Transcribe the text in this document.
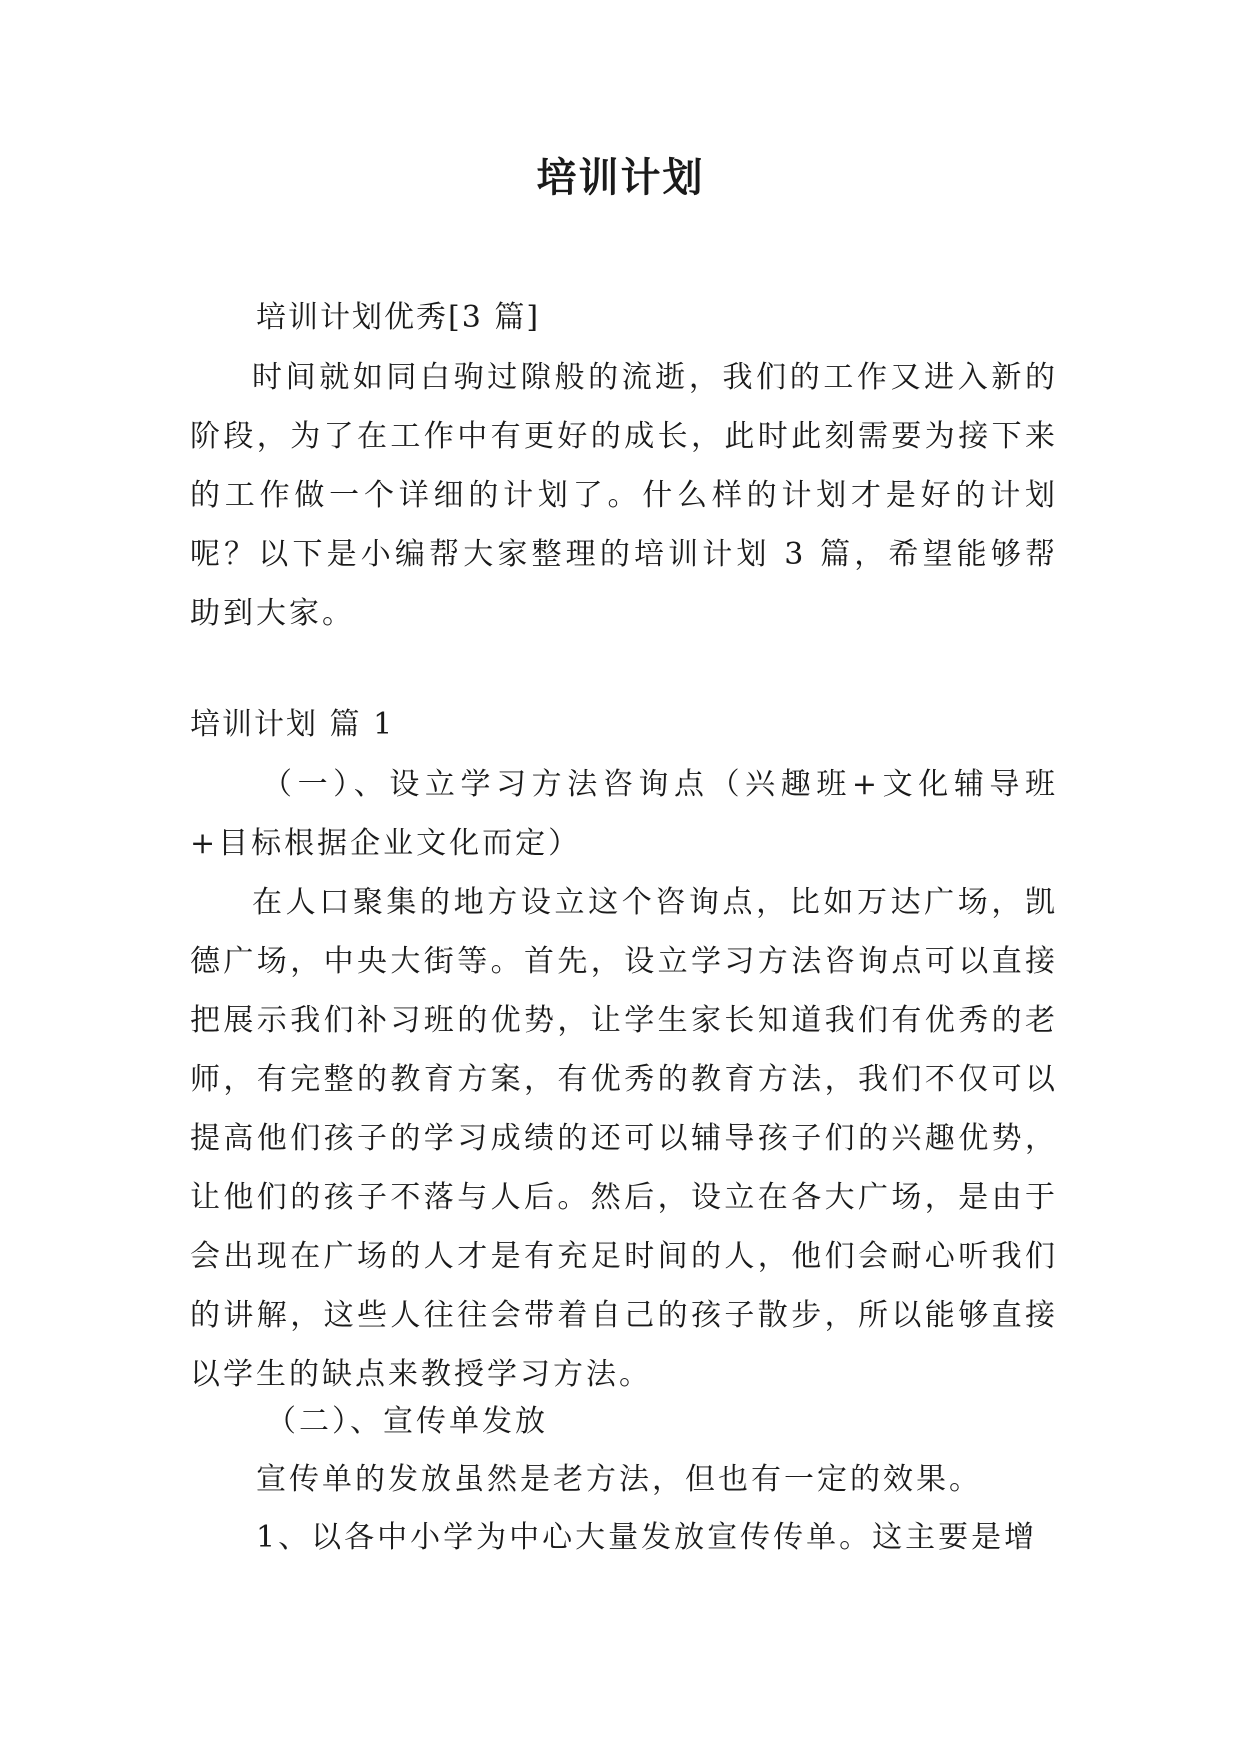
培训计划
培训计划优秀[3 篇]
时间就如同白驹过隙般的流逝，我们的工作又进入新的阶段，为了在工作中有更好的成长，此时此刻需要为接下来的工作做一个详细的计划了。什么样的计划才是好的计划呢？以下是小编帮大家整理的培训计划 3 篇，希望能够帮助到大家。
培训计划 篇 1
（一）、设立学习方法咨询点（兴趣班+文化辅导班+目标根据企业文化而定）
在人口聚集的地方设立这个咨询点，比如万达广场，凯德广场，中央大街等。首先，设立学习方法咨询点可以直接把展示我们补习班的优势，让学生家长知道我们有优秀的老师，有完整的教育方案，有优秀的教育方法，我们不仅可以提高他们孩子的学习成绩的还可以辅导孩子们的兴趣优势，让他们的孩子不落与人后。然后，设立在各大广场，是由于会出现在广场的人才是有充足时间的人，他们会耐心听我们的讲解，这些人往往会带着自己的孩子散步，所以能够直接以学生的缺点来教授学习方法。
（二）、宣传单发放
宣传单的发放虽然是老方法，但也有一定的效果。
1、以各中小学为中心大量发放宣传传单。这主要是增
